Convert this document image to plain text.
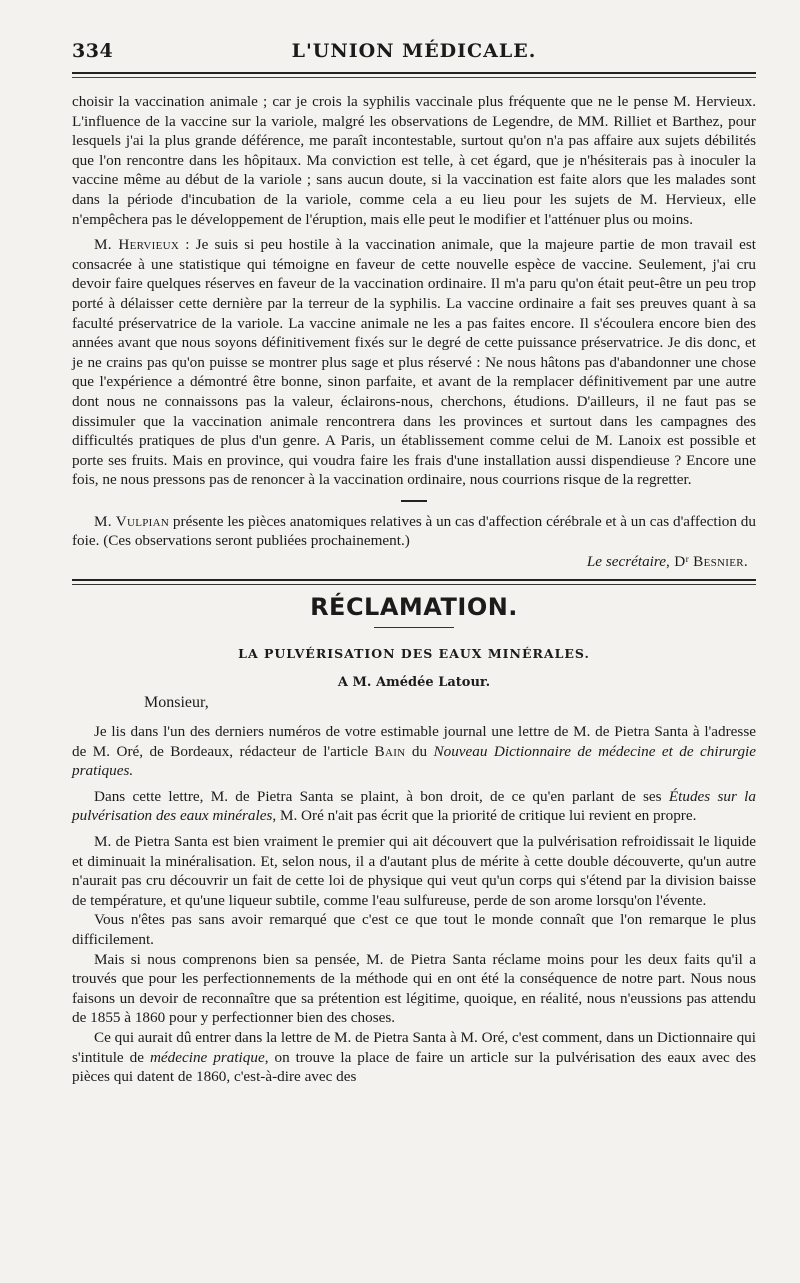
334	L'UNION MÉDICALE.

choisir la vaccination animale ; car je crois la syphilis vaccinale plus fréquente que ne le pense M. Hervieux. L'influence de la vaccine sur la variole, malgré les observations de Legendre, de MM. Rilliet et Barthez, pour lesquels j'ai la plus grande déférence, me paraît incontestable, surtout qu'on n'a pas affaire aux sujets débilités que l'on rencontre dans les hôpitaux. Ma conviction est telle, à cet égard, que je n'hésiterais pas à inoculer la vaccine même au début de la variole ; sans aucun doute, si la vaccination est faite alors que les malades sont dans la période d'incubation de la variole, comme cela a eu lieu pour les sujets de M. Hervieux, elle n'empêchera pas le développement de l'éruption, mais elle peut le modifier et l'atténuer plus ou moins.

M. Hervieux : Je suis si peu hostile à la vaccination animale, que la majeure partie de mon travail est consacrée à une statistique qui témoigne en faveur de cette nouvelle espèce de vaccine. Seulement, j'ai cru devoir faire quelques réserves en faveur de la vaccination ordinaire. Il m'a paru qu'on était peut-être un peu trop porté à délaisser cette dernière par la terreur de la syphilis. La vaccine ordinaire a fait ses preuves quant à sa faculté préservatrice de la variole. La vaccine animale ne les a pas faites encore. Il s'écoulera encore bien des années avant que nous soyons définitivement fixés sur le degré de cette puissance préservatrice. Je dis donc, et je ne crains pas qu'on puisse se montrer plus sage et plus réservé : Ne nous hâtons pas d'abandonner une chose que l'expérience a démontré être bonne, sinon parfaite, et avant de la remplacer définitivement par une autre dont nous ne connaissons pas la valeur, éclairons-nous, cherchons, étudions. D'ailleurs, il ne faut pas se dissimuler que la vaccination animale rencontrera dans les provinces et surtout dans les campagnes des difficultés pratiques de plus d'un genre. A Paris, un établissement comme celui de M. Lanoix est possible et porte ses fruits. Mais en province, qui voudra faire les frais d'une installation aussi dispendieuse ? Encore une fois, ne nous pressons pas de renoncer à la vaccination ordinaire, nous courrions risque de la regretter.

M. Vulpian présente les pièces anatomiques relatives à un cas d'affection cérébrale et à un cas d'affection du foie. (Ces observations seront publiées prochainement.)

Le secrétaire, Dʳ Besnier.
RÉCLAMATION.
LA PULVÉRISATION DES EAUX MINÉRALES.
A M. Amédée Latour.
Monsieur,

Je lis dans l'un des derniers numéros de votre estimable journal une lettre de M. de Pietra Santa à l'adresse de M. Oré, de Bordeaux, rédacteur de l'article Bain du Nouveau Dictionnaire de médecine et de chirurgie pratiques.

Dans cette lettre, M. de Pietra Santa se plaint, à bon droit, de ce qu'en parlant de ses Études sur la pulvérisation des eaux minérales, M. Oré n'ait pas écrit que la priorité de critique lui revient en propre.

M. de Pietra Santa est bien vraiment le premier qui ait découvert que la pulvérisation refroidissait le liquide et diminuait la minéralisation. Et, selon nous, il a d'autant plus de mérite à cette double découverte, qu'un autre n'aurait pas cru découvrir un fait de cette loi de physique qui veut qu'un corps qui s'étend par la division baisse de température, et qu'une liqueur subtile, comme l'eau sulfureuse, perde de son arome lorsqu'on l'évente.

Vous n'êtes pas sans avoir remarqué que c'est ce que tout le monde connaît que l'on remarque le plus difficilement.

Mais si nous comprenons bien sa pensée, M. de Pietra Santa réclame moins pour les deux faits qu'il a trouvés que pour les perfectionnements de la méthode qui en ont été la conséquence de notre part. Nous nous faisons un devoir de reconnaître que sa prétention est légitime, quoique, en réalité, nous n'eussions pas attendu de 1855 à 1860 pour y perfectionner bien des choses.

Ce qui aurait dû entrer dans la lettre de M. de Pietra Santa à M. Oré, c'est comment, dans un Dictionnaire qui s'intitule de médecine pratique, on trouve la place de faire un article sur la pulvérisation des eaux avec des pièces qui datent de 1860, c'est-à-dire avec des
